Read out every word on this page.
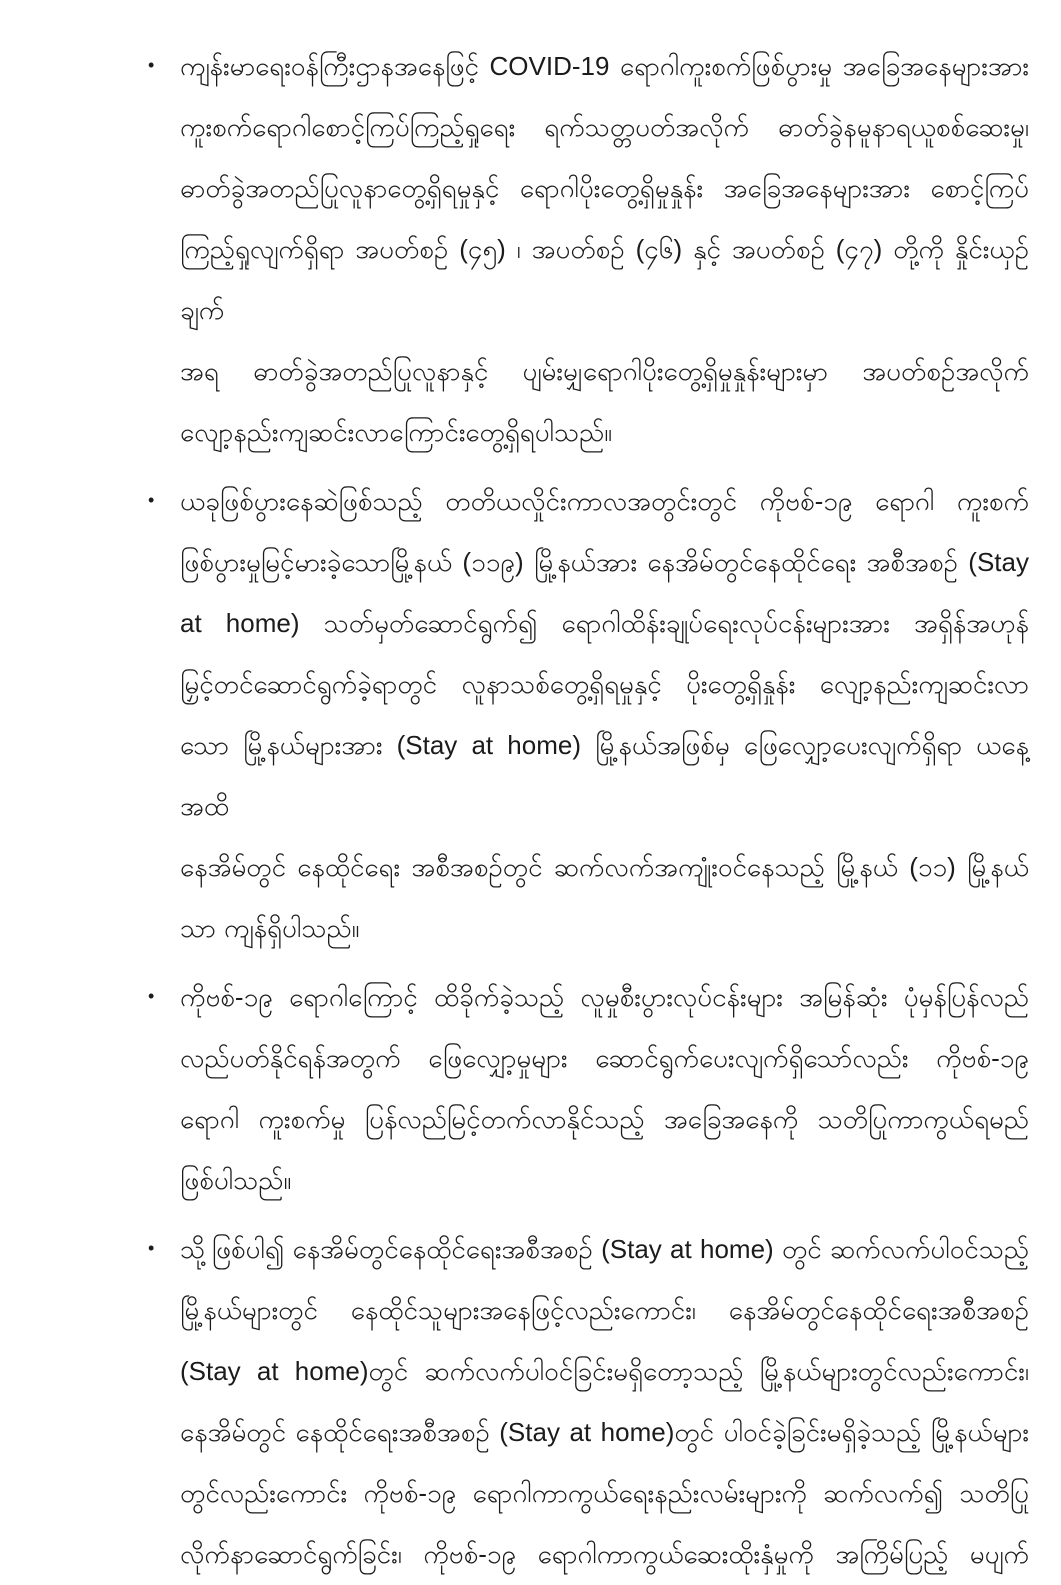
• ကျန်းမာရေးဝန်ကြီးဌာနအနေဖြင့် COVID-19 ရောဂါကူးစက်ဖြစ်ပွားမှု အခြေအနေများအား
ကူးစက်ရောဂါစောင့်ကြပ်ကြည့်ရှုရေး ရက်သတ္တပတ်အလိုက် ဓာတ်ခွဲနမူနာရယူစစ်ဆေးမှု၊
ဓာတ်ခွဲအတည်ပြုလူနာတွေ့ရှိရမှုနှင့် ရောဂါပိုးတွေ့ရှိမှုနှုန်း အခြေအနေများအား စောင့်ကြပ်
ကြည့်ရှုလျက်ရှိရာ အပတ်စဉ် (၄၅) ၊ အပတ်စဉ် (၄၆) နှင့် အပတ်စဉ် (၄၇) တို့ကို နှိုင်းယှဉ်ချက်
အရ ဓာတ်ခွဲအတည်ပြုလူနာနှင့် ပျမ်းမျှရောဂါပိုးတွေ့ရှိမှုနှုန်းများမှာ အပတ်စဉ်အလိုက်
လျော့နည်းကျဆင်းလာကြောင်းတွေ့ရှိရပါသည်။
• ယခုဖြစ်ပွားနေဆဲဖြစ်သည့် တတိယလှိုင်းကာလအတွင်းတွင် ကိုဗစ်-၁၉ ရောဂါ ကူးစက်
ဖြစ်ပွားမှုမြင့်မားခဲ့သောမြို့နယ် (၁၁၉) မြို့နယ်အား နေအိမ်တွင်နေထိုင်ရေး အစီအစဉ် (Stay
at home) သတ်မှတ်ဆောင်ရွက်၍ ရောဂါထိန်းချုပ်ရေးလုပ်ငန်းများအား အရှိန်အဟုန်
မြှင့်တင်ဆောင်ရွက်ခဲ့ရာတွင် လူနာသစ်တွေ့ရှိရမှုနှင့် ပိုးတွေ့ရှိနှုန်း လျော့နည်းကျဆင်းလာ
သော မြို့နယ်များအား (Stay at home) မြို့နယ်အဖြစ်မှ ဖြေလျှော့ပေးလျက်ရှိရာ ယနေ့အထိ
နေအိမ်တွင် နေထိုင်ရေး အစီအစဉ်တွင် ဆက်လက်အကျုံးဝင်နေသည့် မြို့နယ် (၁၁) မြို့နယ်
သာ ကျန်ရှိပါသည်။
• ကိုဗစ်-၁၉ ရောဂါကြောင့် ထိခိုက်ခဲ့သည့် လူမှုစီးပွားလုပ်ငန်းများ အမြန်ဆုံး ပုံမှန်ပြန်လည်
လည်ပတ်နိုင်ရန်အတွက် ဖြေလျှော့မှုများ ဆောင်ရွက်ပေးလျက်ရှိသော်လည်း ကိုဗစ်-၁၉
ရောဂါ ကူးစက်မှု ပြန်လည်မြင့်တက်လာနိုင်သည့် အခြေအနေကို သတိပြုကာကွယ်ရမည်
ဖြစ်ပါသည်။
• သို့ဖြစ်ပါ၍ နေအိမ်တွင်နေထိုင်ရေးအစီအစဉ် (Stay at home) တွင် ဆက်လက်ပါဝင်သည့်
မြို့နယ်များတွင် နေထိုင်သူများအနေဖြင့်လည်းကောင်း၊ နေအိမ်တွင်နေထိုင်ရေးအစီအစဉ်
(Stay at home)တွင် ဆက်လက်ပါဝင်ခြင်းမရှိတော့သည့် မြို့နယ်များတွင်လည်းကောင်း၊
နေအိမ်တွင် နေထိုင်ရေးအစီအစဉ် (Stay at home)တွင် ပါဝင်ခဲ့ခြင်းမရှိခဲ့သည့် မြို့နယ်များ
တွင်လည်းကောင်း ကိုဗစ်-၁၉ ရောဂါကာကွယ်ရေးနည်းလမ်းများကို ဆက်လက်၍ သတိပြု
လိုက်နာဆောင်ရွက်ခြင်း၊ ကိုဗစ်-၁၉ ရောဂါကာကွယ်ဆေးထိုးနှံမှုကို အကြိမ်ပြည့် မပျက်
